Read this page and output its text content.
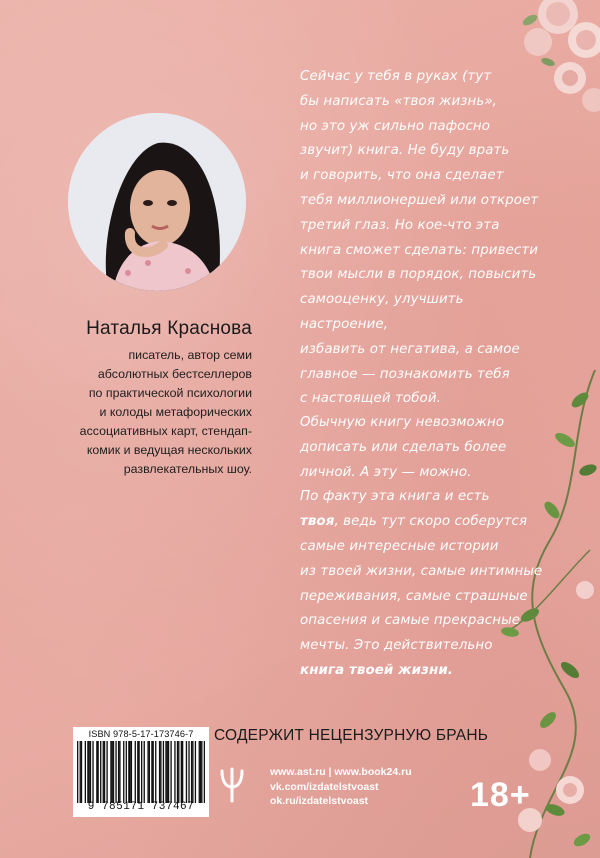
Наталья Краснова

писатель, автор семи
абсолютных бестселлеров
по практической психологии
и колоды метафорических
ассоциативных карт, стендап-
комик и ведущая нескольких
развлекательных шоу.

Сейчас у тебя в руках (тут
бы написать «твоя жизнь»,
но это уж сильно пафосно
звучит) книга. Не буду врать
и говорить, что она сделает
тебя миллионершей или откроет
третий глаз. Но кое-что эта
книга сможет сделать: привести
твои мысли в порядок, повысить
самооценку, улучшить настроение,
избавить от негатива, а самое
главное — познакомить тебя
с настоящей тобой.

Обычную книгу невозможно
дописать или сделать более
личной. А эту — можно.
По факту эта книга и есть
твоя, ведь тут скоро соберутся
самые интересные истории
из твоей жизни, самые интимные
переживания, самые страшные
опасения и самые прекрасные
мечты. Это действительно
книга твоей жизни.

ISBN 978-5-17-173746-7
9 785171 737467
СОДЕРЖИТ НЕЦЕНЗУРНУЮ БРАНЬ
www.ast.ru | www.book24.ru
vk.com/izdatelstvoast
ok.ru/izdatelstvoast	18+
